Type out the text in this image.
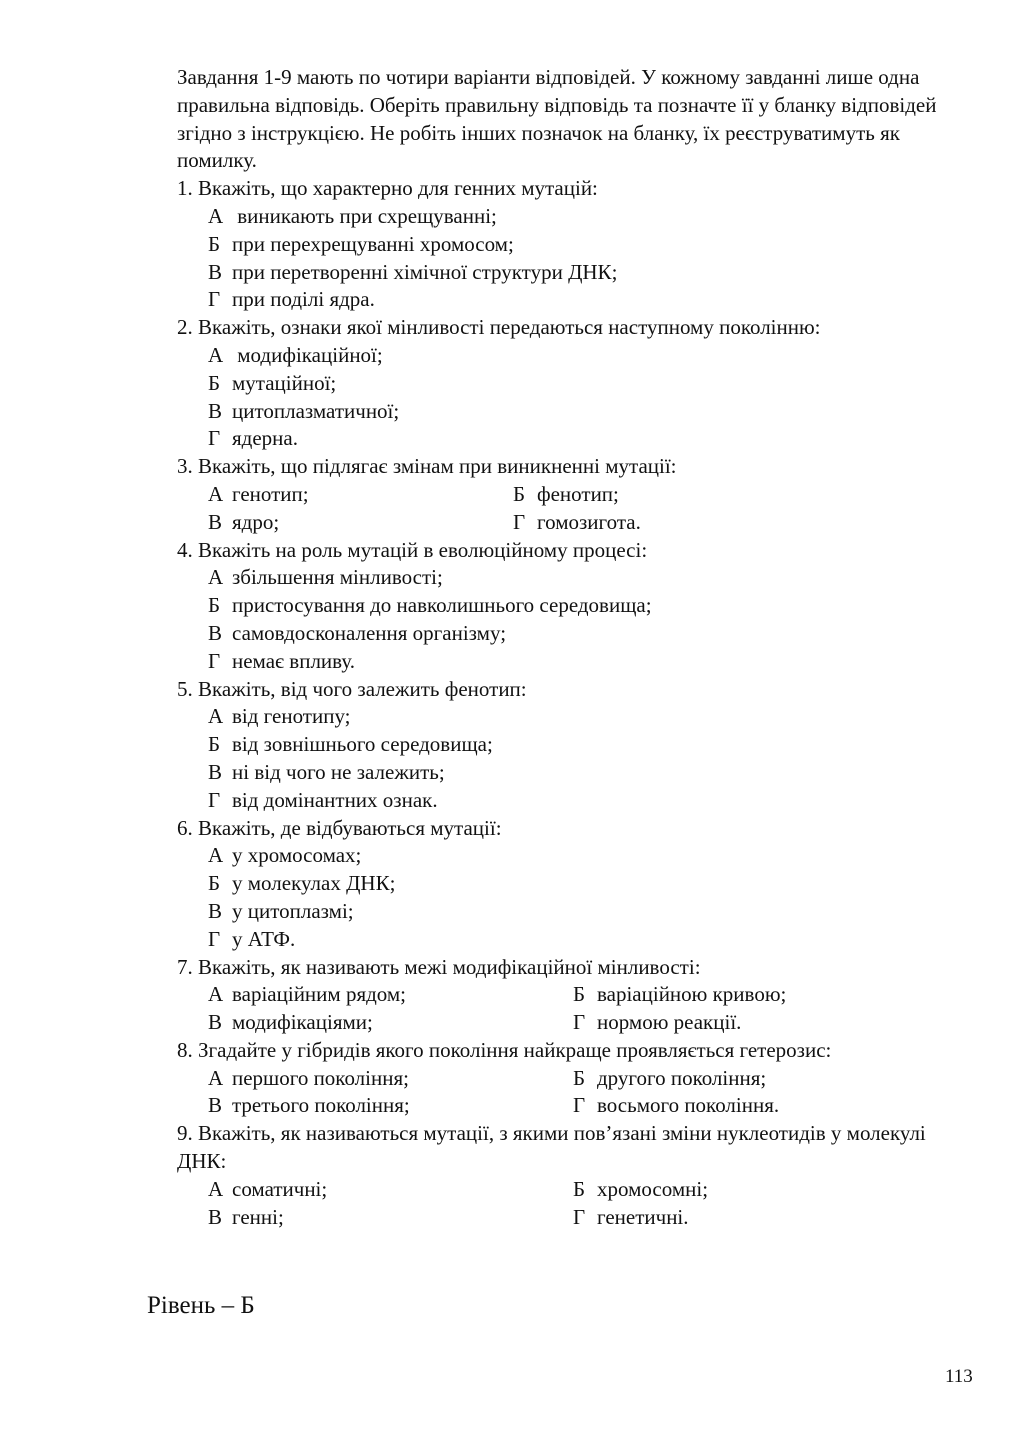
Завдання 1-9 мають по чотири варіанти відповідей. У кожному завданні лише одна правильна відповідь. Оберіть правильну відповідь та позначте її у бланку відповідей згідно з інструкцією. Не робіть інших позначок на бланку, їх реєструватимуть як помилку.

1. Вкажіть, що характерно для генних мутацій:

А виникають при схрещуванні;
Б при перехрещуванні хромосом;
В при перетворенні хімічної структури ДНК;
Г при поділі ядра.

2. Вкажіть, ознаки якої мінливості передаються наступному поколінню:

А модифікаційної;
Б мутаційної;
В цитоплазматичної;
Г ядерна.

3. Вкажіть, що підлягає змінам при виникненні мутації:

А генотип;	Б фенотип;
В ядро;	Г гомозигота.

4. Вкажіть на роль мутацій в еволюційному процесі:

А збільшення мінливості;
Б пристосування до навколишнього середовища;
В самовдосконалення організму;
Г немає впливу.

5. Вкажіть, від чого залежить фенотип:

А від генотипу;
Б від зовнішнього середовища;
В ні від чого не залежить;
Г від домінантних ознак.

6. Вкажіть, де відбуваються мутації:

А у хромосомах;
Б у молекулах ДНК;
В у цитоплазмі;
Г у АТФ.

7. Вкажіть, як називають межі модифікаційної мінливості:

А варіаційним рядом;	Б варіаційною кривою;
В модифікаціями;	Г нормою реакції.

8. Згадайте у гібридів якого покоління найкраще проявляється гетерозис:

А першого покоління;	Б другого покоління;
В третього покоління;	Г восьмого покоління.

9. Вкажіть, як називаються мутації, з якими пов’язані зміни нуклеотидів у молекулі ДНК:

А соматичні;	Б хромосомні;
В генні;	Г генетичні.
Рівень – Б
113
